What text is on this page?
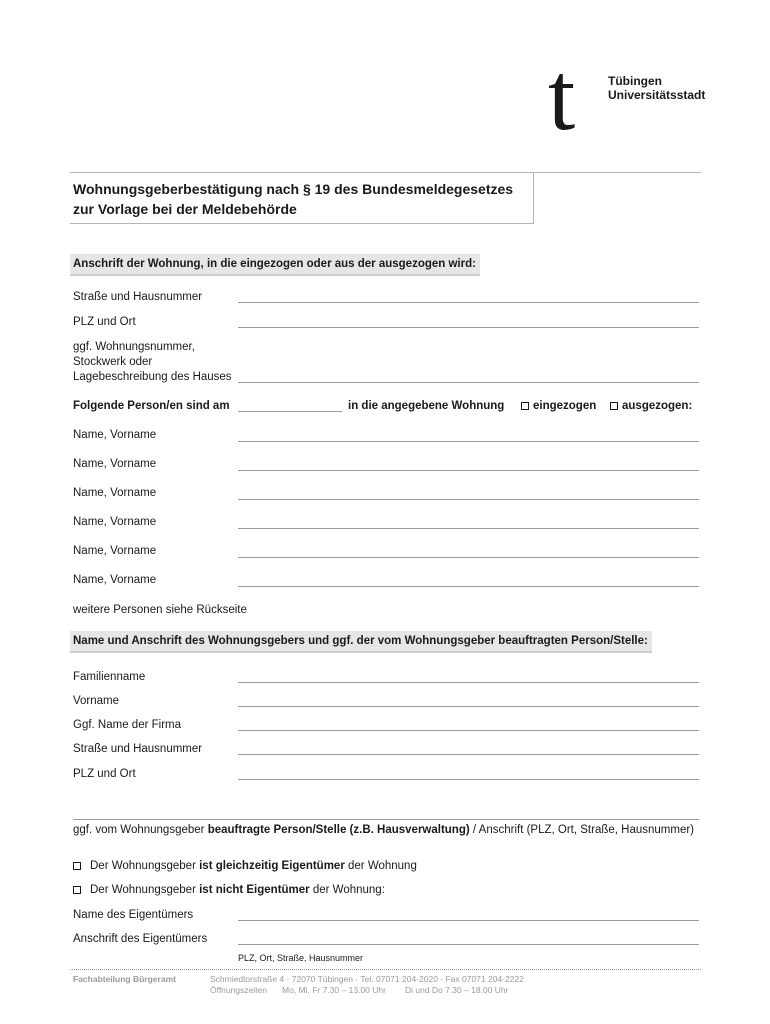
t	Tübingen
Universitätsstadt
Wohnungsgeberbestätigung nach § 19 des Bundesmeldegesetzes
zur Vorlage bei der Meldebehörde
Anschrift der Wohnung, in die eingezogen oder aus der ausgezogen wird:
Straße und Hausnummer
PLZ und Ort
ggf. Wohnungsnummer,
Stockwerk oder
Lagebeschreibung des Hauses
Folgende Person/en sind am	in die angegebene Wohnung	eingezogen	ausgezogen:
Name, Vorname
Name, Vorname
Name, Vorname
Name, Vorname
Name, Vorname
Name, Vorname
weitere Personen siehe Rückseite
Name und Anschrift des Wohnungsgebers und ggf. der vom Wohnungsgeber beauftragten Person/Stelle:
Familienname
Vorname
Ggf. Name der Firma
Straße und Hausnummer
PLZ und Ort
ggf. vom Wohnungsgeber beauftragte Person/Stelle (z.B. Hausverwaltung) / Anschrift (PLZ, Ort, Straße, Hausnummer)
Der Wohnungsgeber ist gleichzeitig Eigentümer der Wohnung
Der Wohnungsgeber ist nicht Eigentümer der Wohnung:
Name des Eigentümers
Anschrift des Eigentümers
PLZ, Ort, Straße, Hausnummer
Fachabteilung Bürgeramt	Schmiedtorstraße 4 · 72070 Tübingen · Tel. 07071 204-2020 · Fax 07071 204-2222
Öffnungszeiten Mo, Mi, Fr 7.30 – 13.00 Uhr Di und Do 7.30 – 18.00 Uhr
